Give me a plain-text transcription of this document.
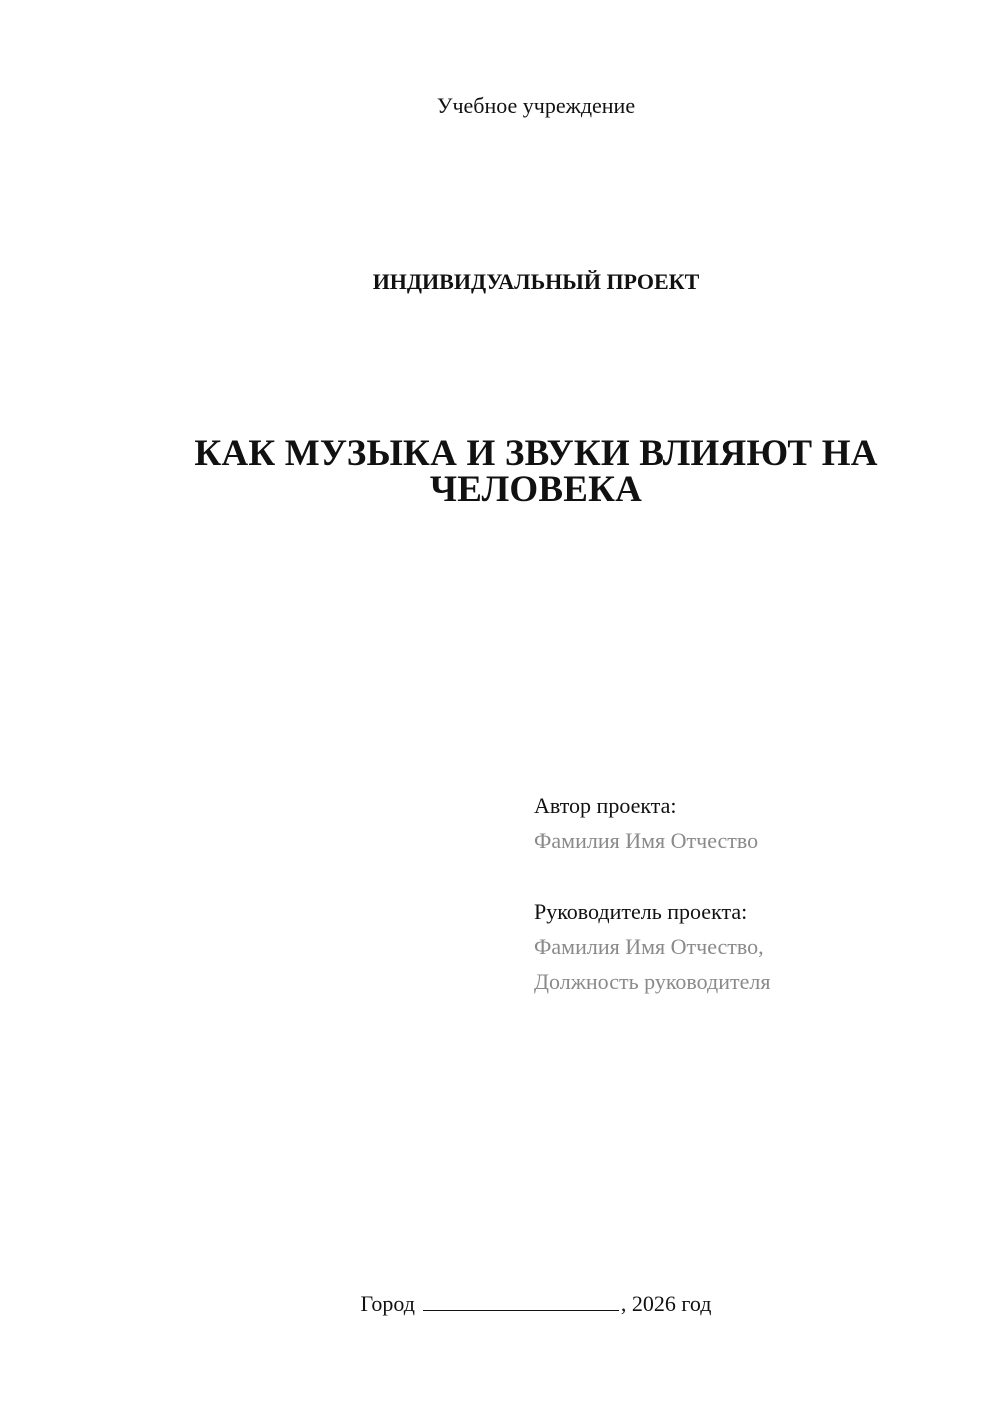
Учебное учреждение
ИНДИВИДУАЛЬНЫЙ ПРОЕКТ
КАК МУЗЫКА И ЗВУКИ ВЛИЯЮТ НА
ЧЕЛОВЕКА
Автор проекта:
Фамилия Имя Отчество
Руководитель проекта:
Фамилия Имя Отчество,
Должность руководителя
Город	, 2026 год
